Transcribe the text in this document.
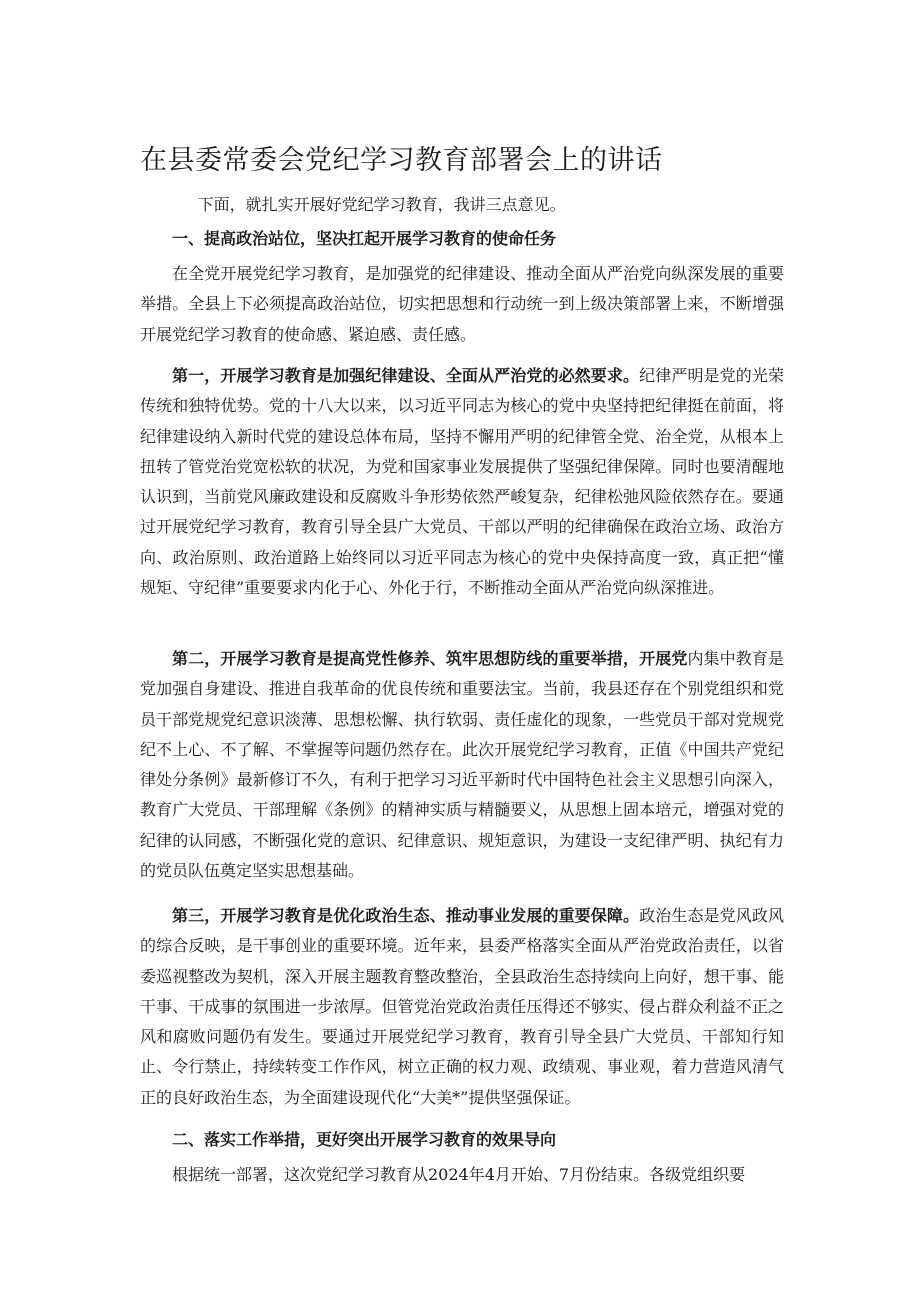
在县委常委会党纪学习教育部署会上的讲话

下面，就扎实开展好党纪学习教育，我讲三点意见。

一、提高政治站位，坚决扛起开展学习教育的使命任务

在全党开展党纪学习教育，是加强党的纪律建设、推动全面从严治党向纵深发展的重要举措。全县上下必须提高政治站位，切实把思想和行动统一到上级决策部署上来，不断增强开展党纪学习教育的使命感、紧迫感、责任感。

第一，开展学习教育是加强纪律建设、全面从严治党的必然要求。纪律严明是党的光荣传统和独特优势。党的十八大以来，以习近平同志为核心的党中央坚持把纪律挺在前面，将纪律建设纳入新时代党的建设总体布局，坚持不懈用严明的纪律管全党、治全党，从根本上扭转了管党治党宽松软的状况，为党和国家事业发展提供了坚强纪律保障。同时也要清醒地认识到，当前党风廉政建设和反腐败斗争形势依然严峻复杂，纪律松弛风险依然存在。要通过开展党纪学习教育，教育引导全县广大党员、干部以严明的纪律确保在政治立场、政治方向、政治原则、政治道路上始终同以习近平同志为核心的党中央保持高度一致，真正把“懂规矩、守纪律”重要要求内化于心、外化于行，不断推动全面从严治党向纵深推进。

第二，开展学习教育是提高党性修养、筑牢思想防线的重要举措，开展党内集中教育是党加强自身建设、推进自我革命的优良传统和重要法宝。当前，我县还存在个别党组织和党员干部党规党纪意识淡薄、思想松懈、执行软弱、责任虚化的现象，一些党员干部对党规党纪不上心、不了解、不掌握等问题仍然存在。此次开展党纪学习教育，正值《中国共产党纪律处分条例》最新修订不久，有利于把学习习近平新时代中国特色社会主义思想引向深入，教育广大党员、干部理解《条例》的精神实质与精髓要义，从思想上固本培元，增强对党的纪律的认同感，不断强化党的意识、纪律意识、规矩意识，为建设一支纪律严明、执纪有力的党员队伍奠定坚实思想基础。

第三，开展学习教育是优化政治生态、推动事业发展的重要保障。政治生态是党风政风的综合反映，是干事创业的重要环境。近年来，县委严格落实全面从严治党政治责任，以省委巡视整改为契机，深入开展主题教育整改整治，全县政治生态持续向上向好，想干事、能干事、干成事的氛围进一步浓厚。但管党治党政治责任压得还不够实、侵占群众利益不正之风和腐败问题仍有发生。要通过开展党纪学习教育，教育引导全县广大党员、干部知行知止、令行禁止，持续转变工作作风，树立正确的权力观、政绩观、事业观，着力营造风清气正的良好政治生态，为全面建设现代化“大美*”提供坚强保证。

二、落实工作举措，更好突出开展学习教育的效果导向

根据统一部署，这次党纪学习教育从2024年4月开始、7月份结束。各级党组织要
